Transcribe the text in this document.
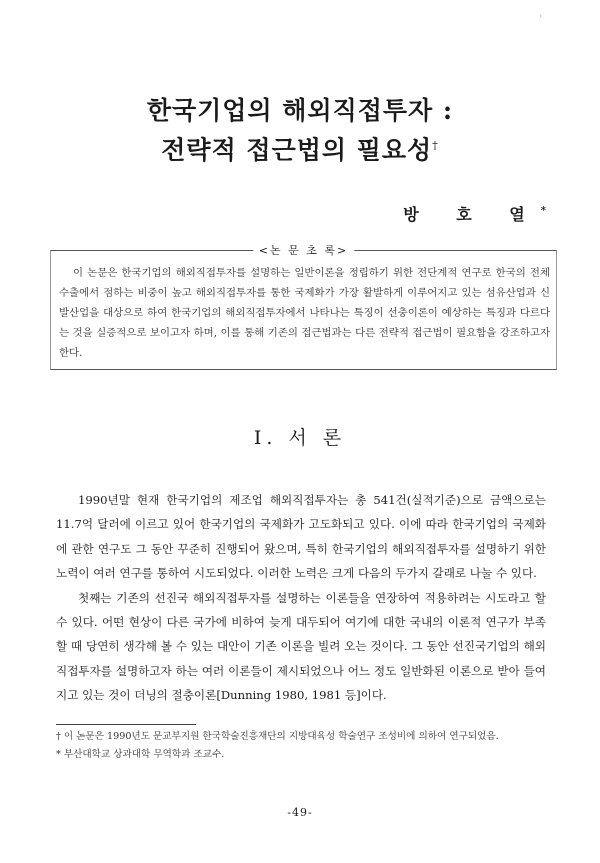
'
한국기업의 해외직접투자 :
전략적 접근법의 필요성†
방 호 열*
<논 문 초 록>
이 논문은 한국기업의 해외직접투자를 설명하는 일반이론을 정립하기 위한 전단계적 연구로 한국의 전체수출에서 점하는 비중이 높고 해외직접투자를 통한 국제화가 가장 활발하게 이루어지고 있는 섬유산업과 신발산업을 대상으로 하여 한국기업의 해외직접투자에서 나타나는 특징이 선충이론이 예상하는 특징과 다르다는 것을 실증적으로 보이고자 하며, 이를 통해 기존의 접근법과는 다른 전략적 접근법이 필요함을 강조하고자 한다.
I. 서 론

1990년말 현재 한국기업의 제조업 해외직접투자는 총 541건(실적기준)으로 금액으로는 11.7억 달러에 이르고 있어 한국기업의 국제화가 고도화되고 있다. 이에 따라 한국기업의 국제화에 관한 연구도 그 동안 꾸준히 진행되어 왔으며, 특히 한국기업의 해외직접투자를 설명하기 위한 노력이 여러 연구를 통하여 시도되었다. 이러한 노력은 크게 다음의 두가지 갈래로 나눌 수 있다.

첫째는 기존의 선진국 해외직접투자를 설명하는 이론들을 연장하여 적용하려는 시도라고 할 수 있다. 어떤 현상이 다른 국가에 비하여 늦게 대두되어 여기에 대한 국내의 이론적 연구가 부족할 때 당연히 생각해 볼 수 있는 대안이 기존 이론을 빌려 오는 것이다. 그 동안 선진국기업의 해외직접투자를 설명하고자 하는 여러 이론들이 제시되었으나 어느 정도 일반화된 이론으로 받아 들여지고 있는 것이 더닝의 절충이론[Dunning 1980, 1981 등]이다.

† 이 논문은 1990년도 문교부지원 한국학술진흥재단의 지방대육성 학술연구 조성비에 의하여 연구되었음.

* 부산대학교 상과대학 무역학과 조교수.

-49-
